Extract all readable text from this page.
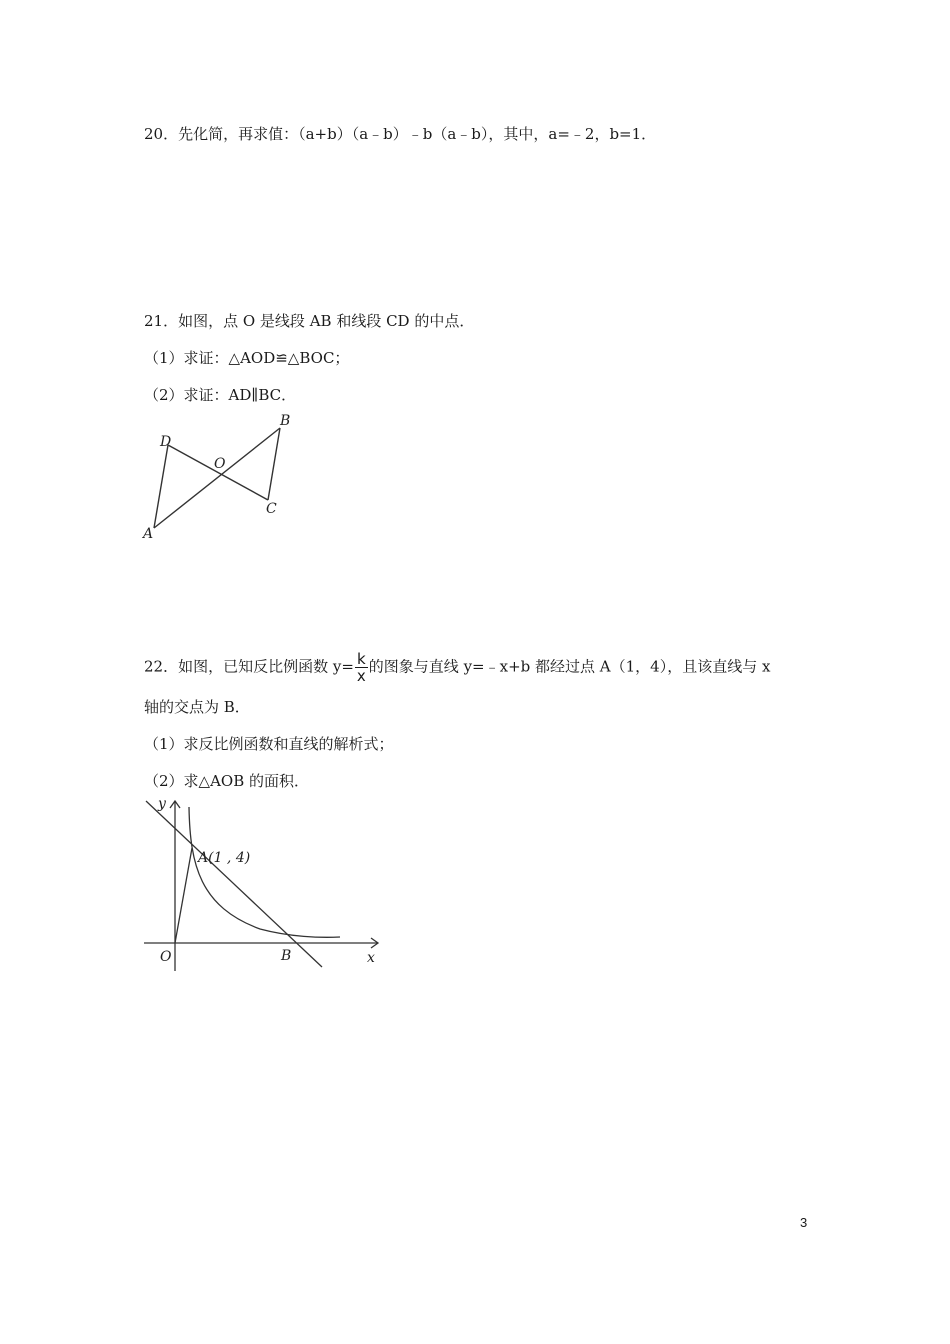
20．先化简，再求值：（a+b）（a﹣b）﹣b（a﹣b），其中，a=﹣2，b=1．
21．如图，点 O 是线段 AB 和线段 CD 的中点．
（1）求证：△AOD≌△BOC；
（2）求证：AD∥BC．
D
B
O
C
A
22．如图，已知反比例函数 $y= \frac{k}{x}$ 的图象与直线 y=﹣x+b 都经过点 A（1，4），且该直线与 x
轴的交点为 B．
（1）求反比例函数和直线的解析式；
（2）求△AOB 的面积．
y
A(1 , 4)
O	B	x
3
